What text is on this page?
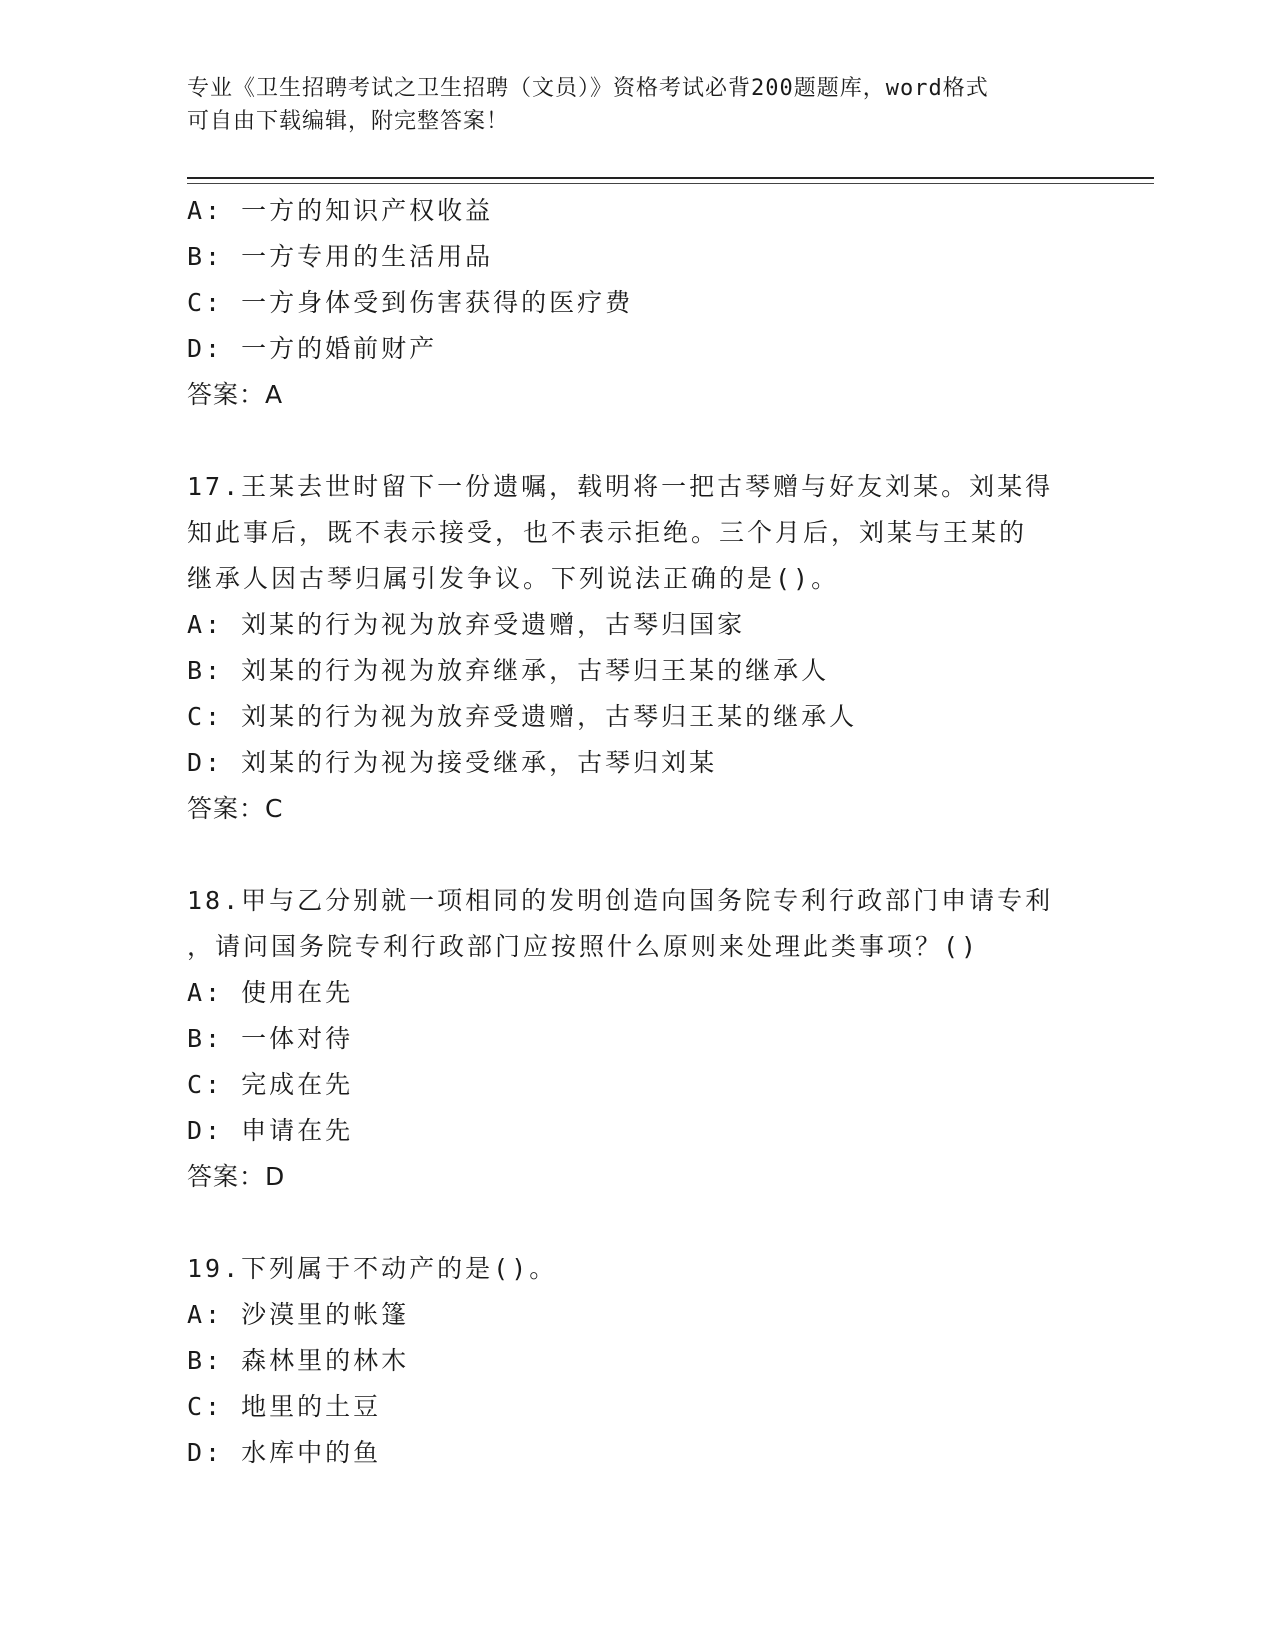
专业《卫生招聘考试之卫生招聘（文员）》资格考试必背200题题库，word格式
可自由下载编辑，附完整答案！
A: 一方的知识产权收益
B: 一方专用的生活用品
C: 一方身体受到伤害获得的医疗费
D: 一方的婚前财产
答案：A
17.王某去世时留下一份遗嘱，载明将一把古琴赠与好友刘某。刘某得
知此事后，既不表示接受，也不表示拒绝。三个月后，刘某与王某的
继承人因古琴归属引发争议。下列说法正确的是()。
A: 刘某的行为视为放弃受遗赠，古琴归国家
B: 刘某的行为视为放弃继承，古琴归王某的继承人
C: 刘某的行为视为放弃受遗赠，古琴归王某的继承人
D: 刘某的行为视为接受继承，古琴归刘某
答案：C
18.甲与乙分别就一项相同的发明创造向国务院专利行政部门申请专利
，请问国务院专利行政部门应按照什么原则来处理此类事项？()
A: 使用在先
B: 一体对待
C: 完成在先
D: 申请在先
答案：D
19.下列属于不动产的是()。
A: 沙漠里的帐篷
B: 森林里的林木
C: 地里的土豆
D: 水库中的鱼
